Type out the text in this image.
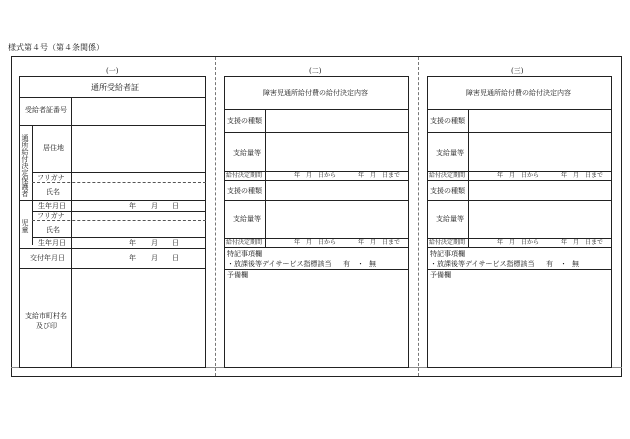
様式第４号（第４条関係）
(一)	(二)	(三)
通所受給者証
受給者証番号
通所給付決定保護者 居住地
フリガナ
氏名
生年月日	年 月 日
児童
フリガナ
氏名
生年月日	年 月 日
交付年月日	年 月 日
支給市町村名
及び印
障害児通所給付費の給付決定内容
支援の種類
支給量等
給付決定期間	年　月　日から	年　月　日まで
支援の種類
支給量等
給付決定期間	年　月　日から	年　月　日まで
特記事項欄
・放課後等デイサービス指標該当 有 ・ 無
予備欄
障害児通所給付費の給付決定内容
支援の種類
支給量等
給付決定期間	年　月　日から	年　月　日まで
支援の種類
支給量等
給付決定期間	年　月　日から	年　月　日まで
特記事項欄
・放課後等デイサービス指標該当 有 ・ 無
予備欄
